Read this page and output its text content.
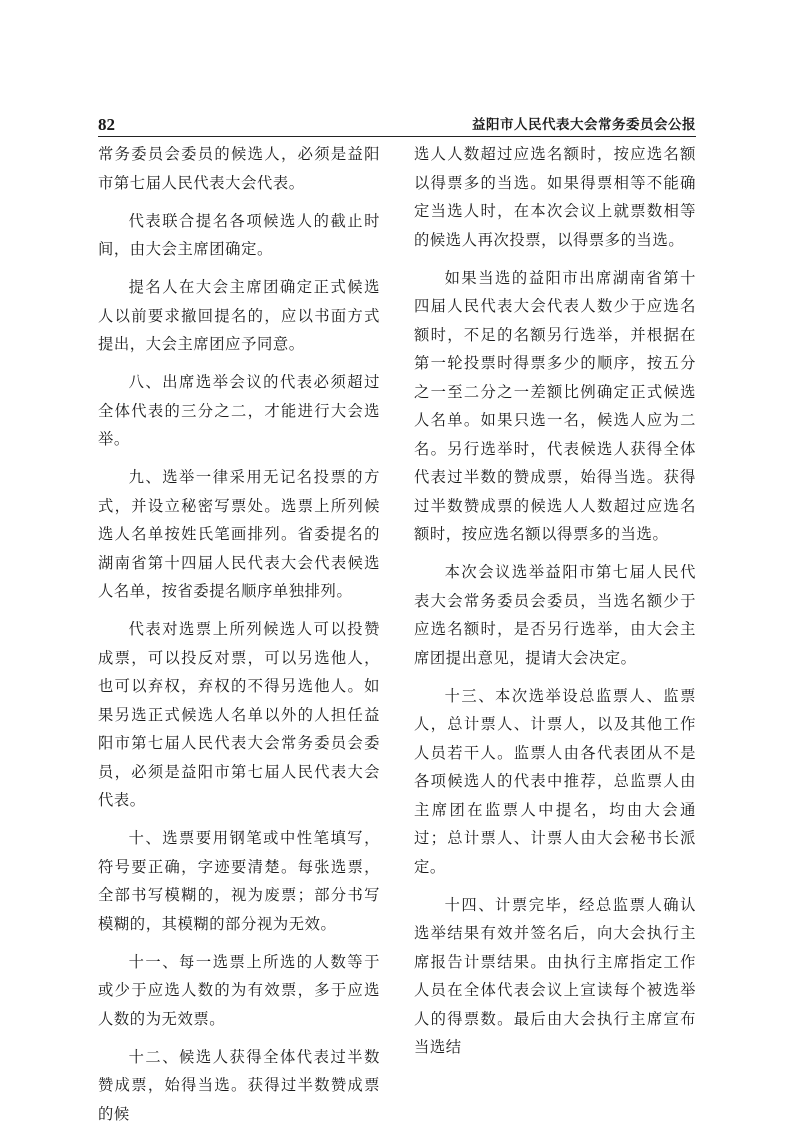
82	益阳市人民代表大会常务委员会公报

常务委员会委员的候选人，必须是益阳市第七届人民代表大会代表。

代表联合提名各项候选人的截止时间，由大会主席团确定。

提名人在大会主席团确定正式候选人以前要求撤回提名的，应以书面方式提出，大会主席团应予同意。

八、出席选举会议的代表必须超过全体代表的三分之二，才能进行大会选举。

九、选举一律采用无记名投票的方式，并设立秘密写票处。选票上所列候选人名单按姓氏笔画排列。省委提名的湖南省第十四届人民代表大会代表候选人名单，按省委提名顺序单独排列。

代表对选票上所列候选人可以投赞成票，可以投反对票，可以另选他人，也可以弃权，弃权的不得另选他人。如果另选正式候选人名单以外的人担任益阳市第七届人民代表大会常务委员会委员，必须是益阳市第七届人民代表大会代表。

十、选票要用钢笔或中性笔填写，符号要正确，字迹要清楚。每张选票，全部书写模糊的，视为废票；部分书写模糊的，其模糊的部分视为无效。

十一、每一选票上所选的人数等于或少于应选人数的为有效票，多于应选人数的为无效票。

十二、候选人获得全体代表过半数赞成票，始得当选。获得过半数赞成票的候

选人人数超过应选名额时，按应选名额以得票多的当选。如果得票相等不能确定当选人时，在本次会议上就票数相等的候选人再次投票，以得票多的当选。

如果当选的益阳市出席湖南省第十四届人民代表大会代表人数少于应选名额时，不足的名额另行选举，并根据在第一轮投票时得票多少的顺序，按五分之一至二分之一差额比例确定正式候选人名单。如果只选一名，候选人应为二名。另行选举时，代表候选人获得全体代表过半数的赞成票，始得当选。获得过半数赞成票的候选人人数超过应选名额时，按应选名额以得票多的当选。

本次会议选举益阳市第七届人民代表大会常务委员会委员，当选名额少于应选名额时，是否另行选举，由大会主席团提出意见，提请大会决定。

十三、本次选举设总监票人、监票人，总计票人、计票人，以及其他工作人员若干人。监票人由各代表团从不是各项候选人的代表中推荐，总监票人由主席团在监票人中提名，均由大会通过；总计票人、计票人由大会秘书长派定。

十四、计票完毕，经总监票人确认选举结果有效并签名后，向大会执行主席报告计票结果。由执行主席指定工作人员在全体代表会议上宣读每个被选举人的得票数。最后由大会执行主席宣布当选结
